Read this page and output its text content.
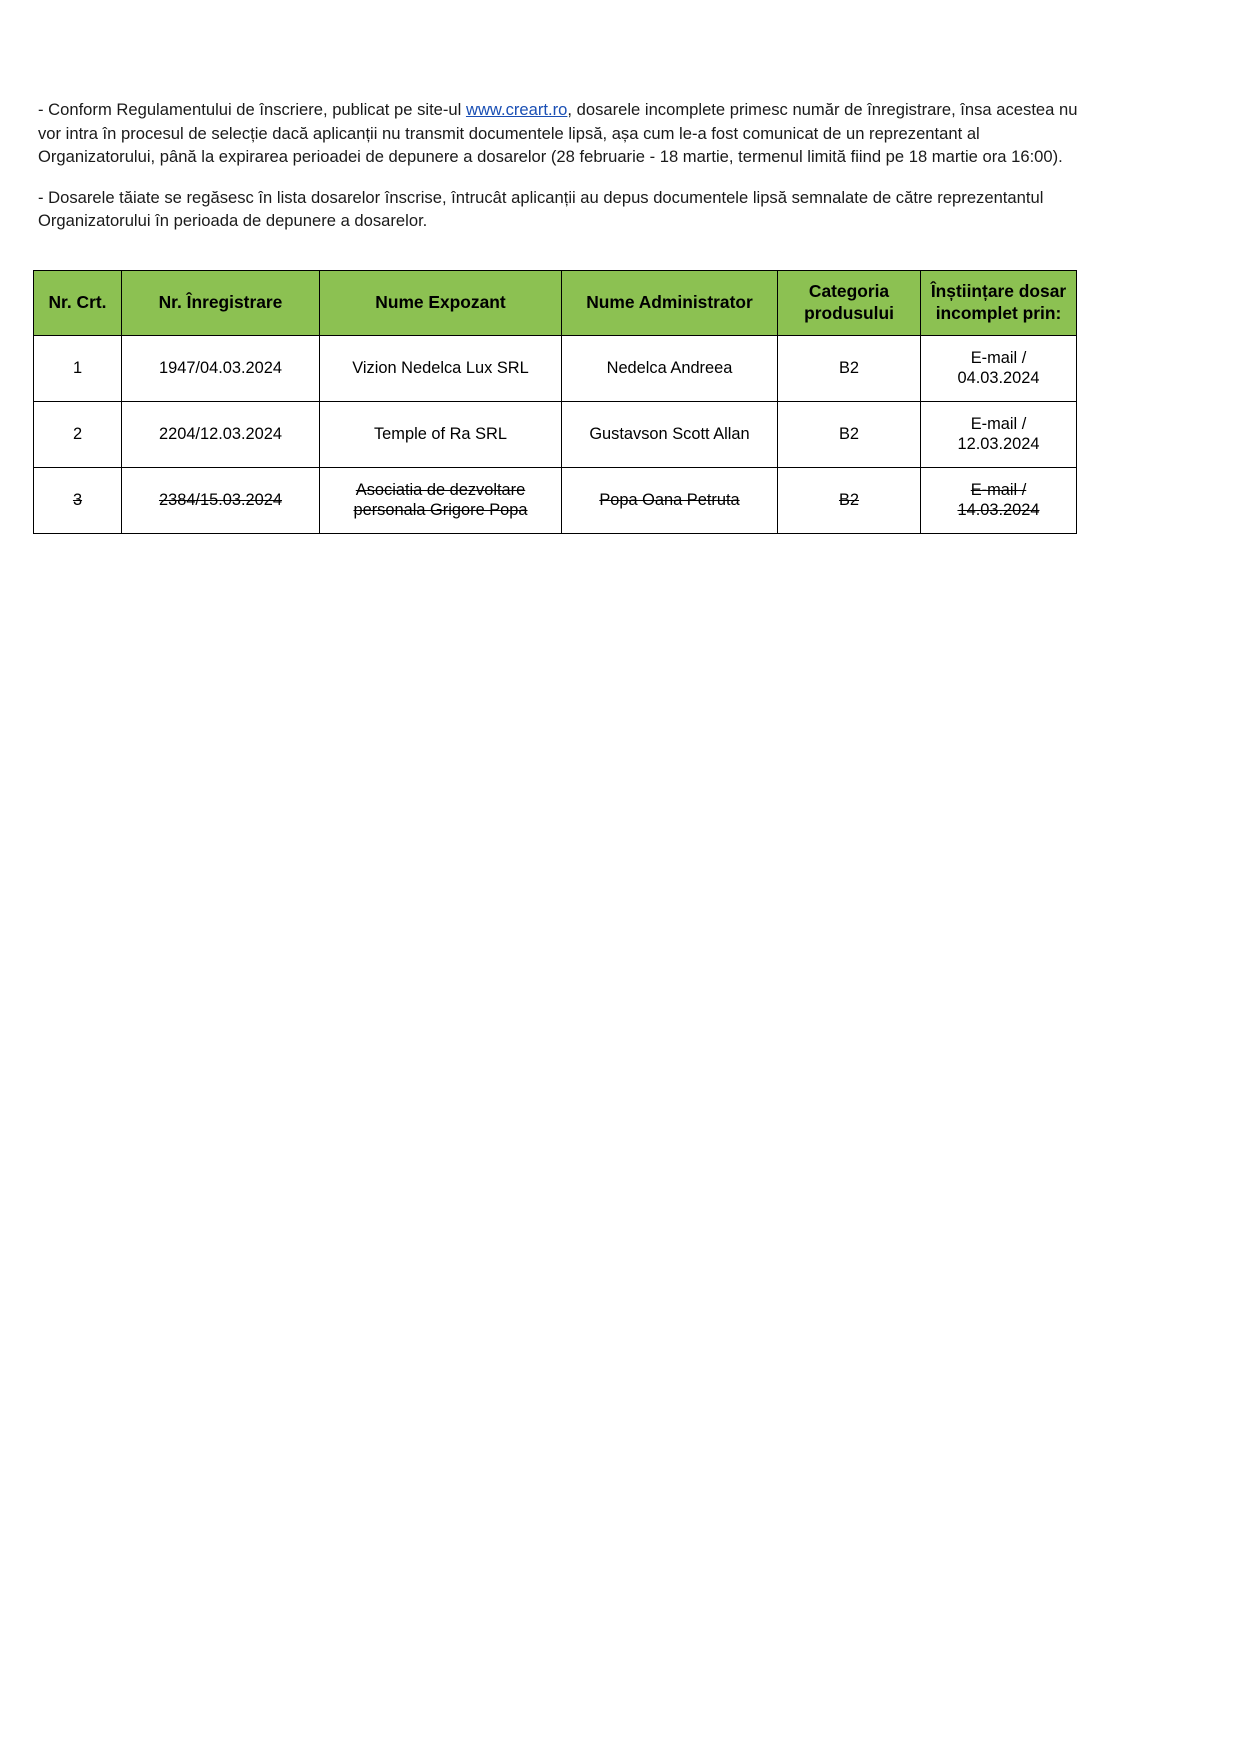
- Conform Regulamentului de înscriere, publicat pe site-ul www.creart.ro, dosarele incomplete primesc număr de înregistrare, însa acestea nu vor intra în procesul de selecție dacă aplicanții nu transmit documentele lipsă, așa cum le-a fost comunicat de un reprezentant al Organizatorului, până la expirarea perioadei de depunere a dosarelor (28 februarie - 18 martie, termenul limită fiind pe 18 martie ora 16:00).

- Dosarele tăiate se regăsesc în lista dosarelor înscrise, întrucât aplicanții au depus documentele lipsă semnalate de către reprezentantul Organizatorului în perioada de depunere a dosarelor.

Nr. Crt.	Nr. Înregistrare	Nume Expozant	Nume Administrator	Categoria produsului	Înștiințare dosar incomplet prin:
1	1947/04.03.2024	Vizion Nedelca Lux SRL	Nedelca Andreea	B2	E-mail /
04.03.2024

2	2204/12.03.2024	Temple of Ra SRL	Gustavson Scott Allan	B2	E-mail /
12.03.2024

3	2384/15.03.2024	Asociatia de dezvoltare personala Grigore Popa	Popa Oana Petruta	B2	E-mail /
14.03.2024
